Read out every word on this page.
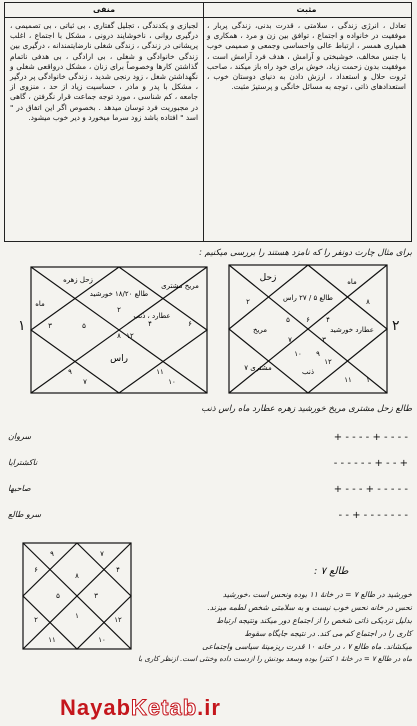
منفی
لجبازی و یکدندگی ، تجلیل گفتاری ، بی ثباتی ، بی تصمیمی ، درگیری روانی ، ناخوشایند درونی ، مشکل با اجتماع ، اغلب پریشانی در زندگی ، زندگی شغلی نارضایتمندانه ، درگیری بین زندگی خانوادگی و شغلی ، بی ارادگی ، بی هدفی ناتمام گذاشتن کارها وخصوصاً برای زنان ، مشکل درواقعی شغلی و نگهداشتن شغل ، زود رنجی شدید ، زندگی خانوادگی پر درگیر ، مشکل با پدر و مادر ، حساسیت زیاد از حد ، منزوی از جامعه ، کم شناسی ، مورد توجه جماعت قرار نگرفتن ، گاهی در مجبوریت فرد توسان میدهد . بخصوص اگر این اتفاق در " اسد " افتاده باشد زود سرما میخورد و دیر خوب میشود.
مثبت
تعادل ، انرژی زندگی ، سلامتی ، قدرت بدنی، زندگی پربار ، موفقیت در خانواده و اجتماع ، توافق بین زن و مرد ، همکاری و همیاری همسر ، ارتباط عالی واحساسی وجمعی و صمیمی خوب با جنس مخالف، خوشبختی و آرامش ، هدف فرد آرامش است ، موفقیت بدون زحمت زیاد، خوش برای خود راه باز میکند ، صاحب ثروت حلال و استعداد ، ارزش دادن به دنیای دوستان خوب ، استعدادهای ذاتی ، توجه به مسائل خانگی و پرستیژ مثبت.
برای مثال چارت دونفر را که نامزد هستند را بررسی میکنیم :
۱	۲
زحل زهره
طالع ۱۸/۲۰ خورشید
مریخ مشتری
عطارد ، ذنب
ماه
راس
۳	۵
۲
۴	۶
۸ ۱۲
۹
۷
۱۱
۱۰
زحل	ماه
طالع ۵ / ۲۷ راس
مریخ	عطارد خورشید
ذنب
۷ مشتری
۵ ۶ ۴
۷	۳
۱۰ ۹
۱۲
۱۱ ۱
۲	۸
طالع زحل مشتری مریخ خورشید زهره عطارد ماه راس ذنب
سروان	+ - - - - + - - - -
ناکشترایا	- - - - - - + - - +
صاحبها	+ - - - + - - - - -
سرو طالع	- - + - - - - - - -
۹
۸
۷
۶
۵
۴
۳
۲	۱	۱۲
۱۱	۱۰
طالع ۷ :
خورشید در طالع ۷ = در خانهٔ ۱۱ بوده ونحس است ،خورشید
نحس در خانه نحس خوب نیست و به سلامتی شخص لطمه میزند.
بدلیل نزدیکی ذاتی شخص را از اجتماع دور میکند ونتیجه ارتباط
کاری را در اجتماع کم می کند. در نتیجه جایگاه سقوط
میکشاند. ماه طالع ۷ ، در خانه ۱۰ قدرت ریزمینهٔ سیاسی واجتماعی
ماه در طالع ۷ = در خانهٔ ۱ کنترا بوده وسعد بودنش را ازدست داده وخنثی است. ازنظر کاری با
NayabKetab.ir
